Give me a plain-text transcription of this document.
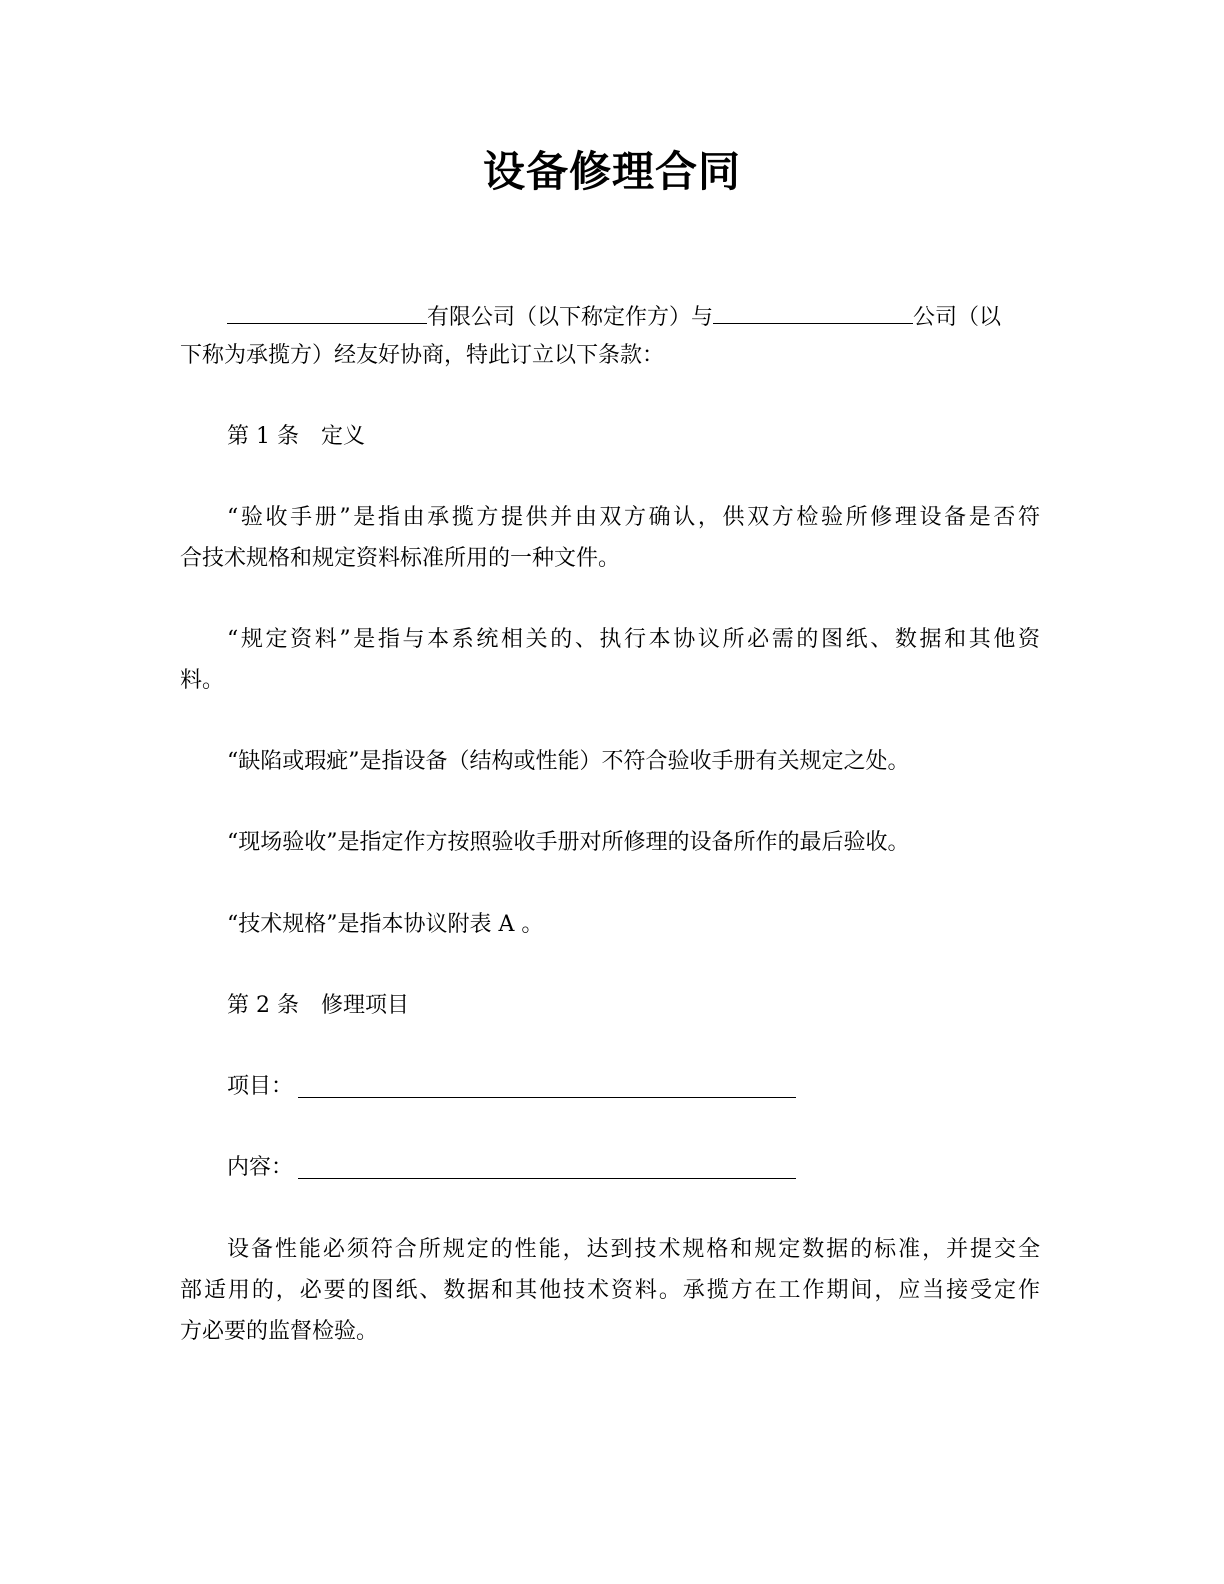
设备修理合同
有限公司（以下称定作方）与	公司（以
下称为承揽方）经友好协商，特此订立以下条款：
第 1 条 定义
“验收手册”是指由承揽方提供并由双方确认，供双方检验所修理设备是否符
合技术规格和规定资料标准所用的一种文件。
“规定资料”是指与本系统相关的、执行本协议所必需的图纸、数据和其他资
料。
“缺陷或瑕疵”是指设备（结构或性能）不符合验收手册有关规定之处。
“现场验收”是指定作方按照验收手册对所修理的设备所作的最后验收。
“技术规格”是指本协议附表 A 。
第 2 条 修理项目
项目：
内容：
设备性能必须符合所规定的性能，达到技术规格和规定数据的标准，并提交全
部适用的，必要的图纸、数据和其他技术资料。承揽方在工作期间，应当接受定作
方必要的监督检验。
